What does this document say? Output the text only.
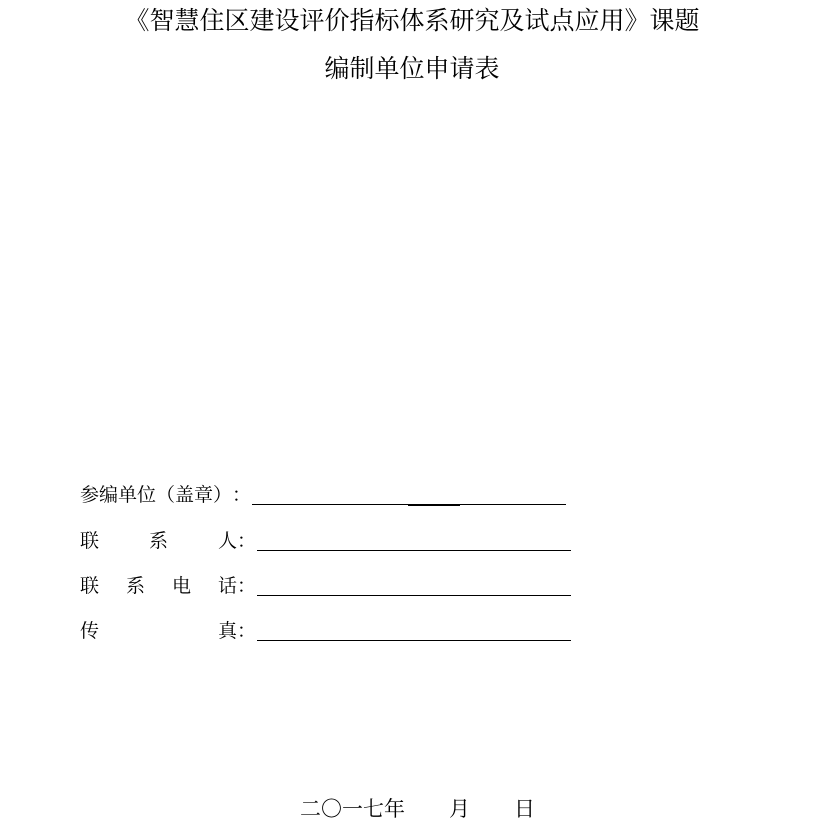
《智慧住区建设评价指标体系研究及试点应用》课题
编制单位申请表
参编单位（盖章） ：
联	系	人 ：
联 系 电 话 ：
传	真 ：
二〇一七年 月 日
